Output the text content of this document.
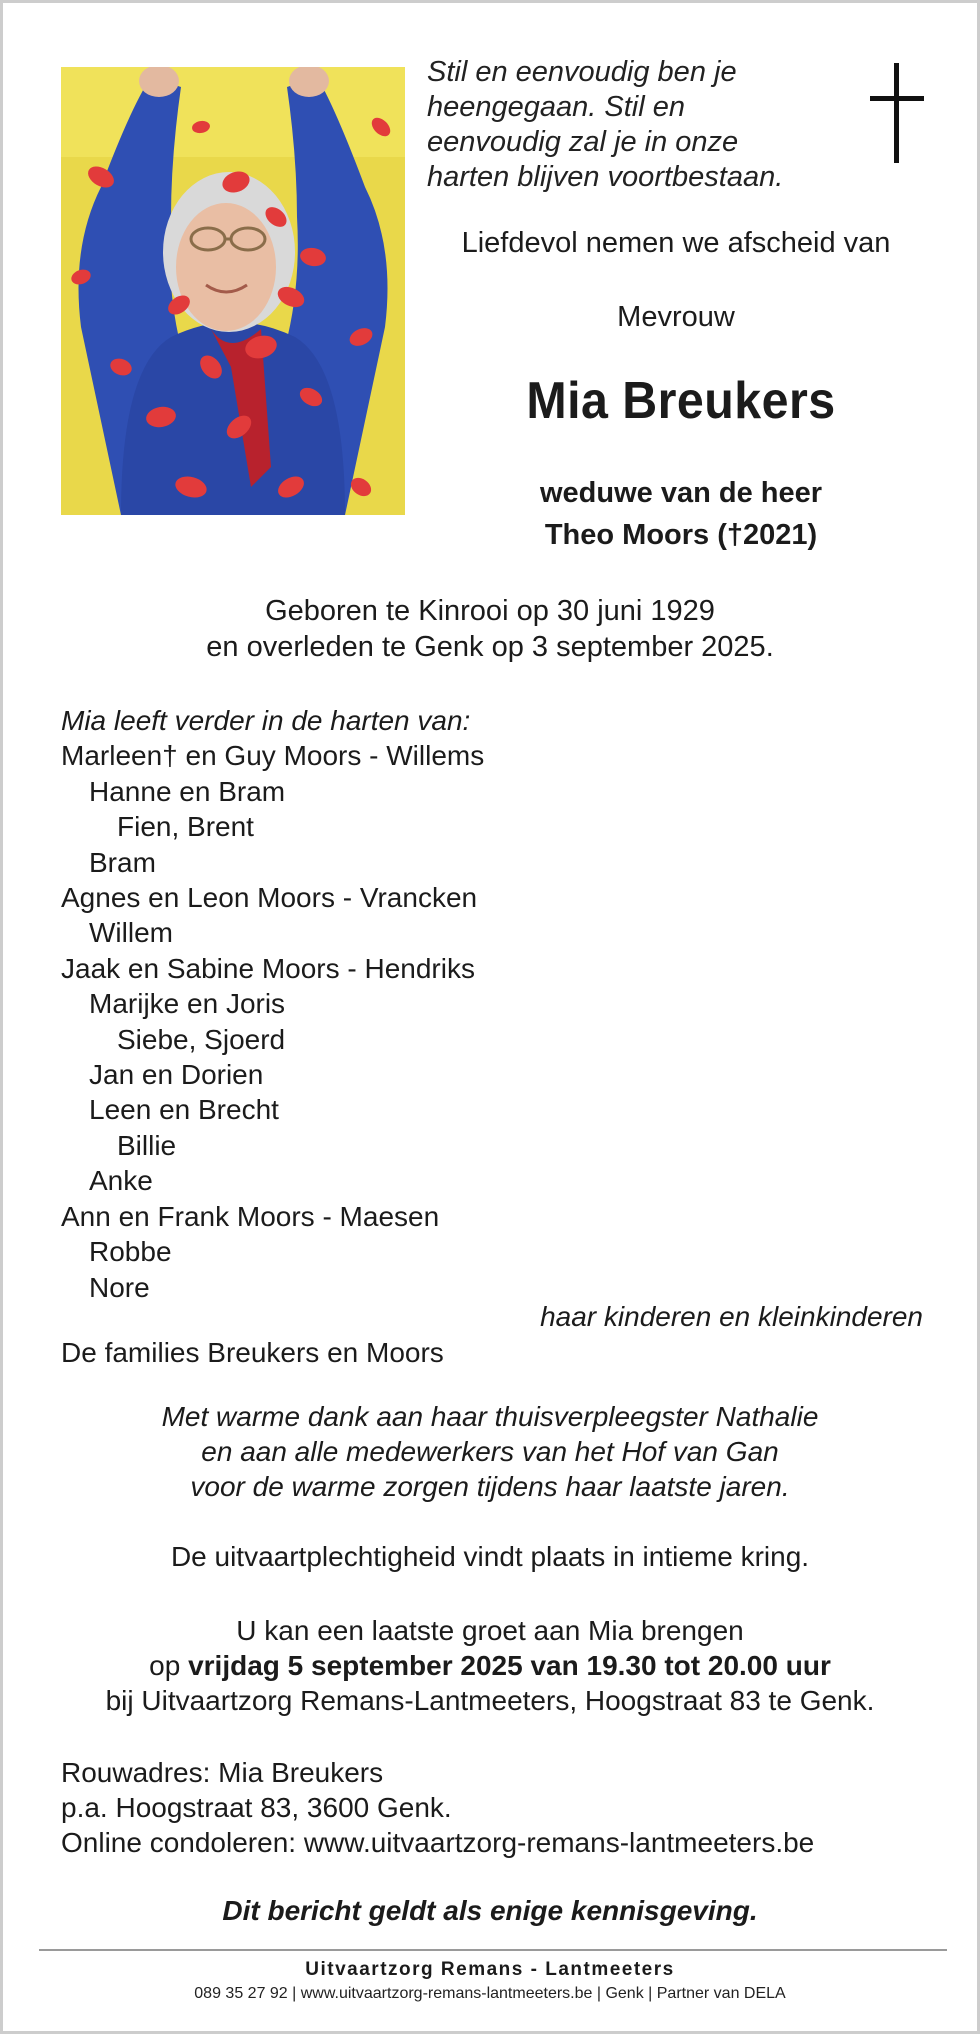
Stil en eenvoudig ben je
heengegaan. Stil en
eenvoudig zal je in onze
harten blijven voortbestaan.
Liefdevol nemen we afscheid van
Mevrouw
Mia Breukers
weduwe van de heer
Theo Moors (†2021)
Geboren te Kinrooi op 30 juni 1929
en overleden te Genk op 3 september 2025.
Mia leeft verder in de harten van:
Marleen† en Guy Moors - Willems
Hanne en Bram
Fien, Brent
Bram
Agnes en Leon Moors - Vrancken
Willem
Jaak en Sabine Moors - Hendriks
Marijke en Joris
Siebe, Sjoerd
Jan en Dorien
Leen en Brecht
Billie
Anke
Ann en Frank Moors - Maesen
Robbe
Nore
haar kinderen en kleinkinderen
De families Breukers en Moors
Met warme dank aan haar thuisverpleegster Nathalie
en aan alle medewerkers van het Hof van Gan
voor de warme zorgen tijdens haar laatste jaren.
De uitvaartplechtigheid vindt plaats in intieme kring.
U kan een laatste groet aan Mia brengen
op vrijdag 5 september 2025 van 19.30 tot 20.00 uur
bij Uitvaartzorg Remans-Lantmeeters, Hoogstraat 83 te Genk.
Rouwadres: Mia Breukers
p.a. Hoogstraat 83, 3600 Genk.
Online condoleren: www.uitvaartzorg-remans-lantmeeters.be
Dit bericht geldt als enige kennisgeving.
Uitvaartzorg Remans - Lantmeeters
089 35 27 92 | www.uitvaartzorg-remans-lantmeeters.be | Genk | Partner van DELA
